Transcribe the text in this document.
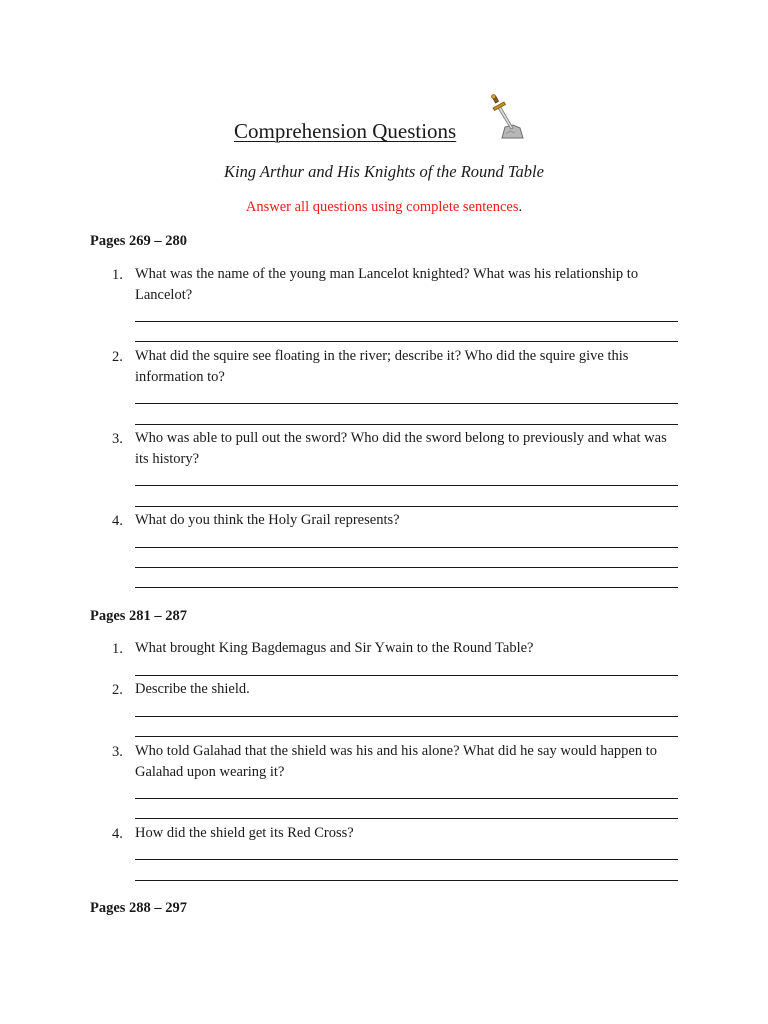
Comprehension Questions
King Arthur and His Knights of the Round Table
Answer all questions using complete sentences.
Pages 269 – 280
1. What was the name of the young man Lancelot knighted? What was his relationship to Lancelot?
2. What did the squire see floating in the river; describe it? Who did the squire give this information to?
3. Who was able to pull out the sword? Who did the sword belong to previously and what was its history?
4. What do you think the Holy Grail represents?
Pages 281 – 287
1. What brought King Bagdemagus and Sir Ywain to the Round Table?
2. Describe the shield.
3. Who told Galahad that the shield was his and his alone? What did he say would happen to Galahad upon wearing it?
4. How did the shield get its Red Cross?
Pages 288 – 297
